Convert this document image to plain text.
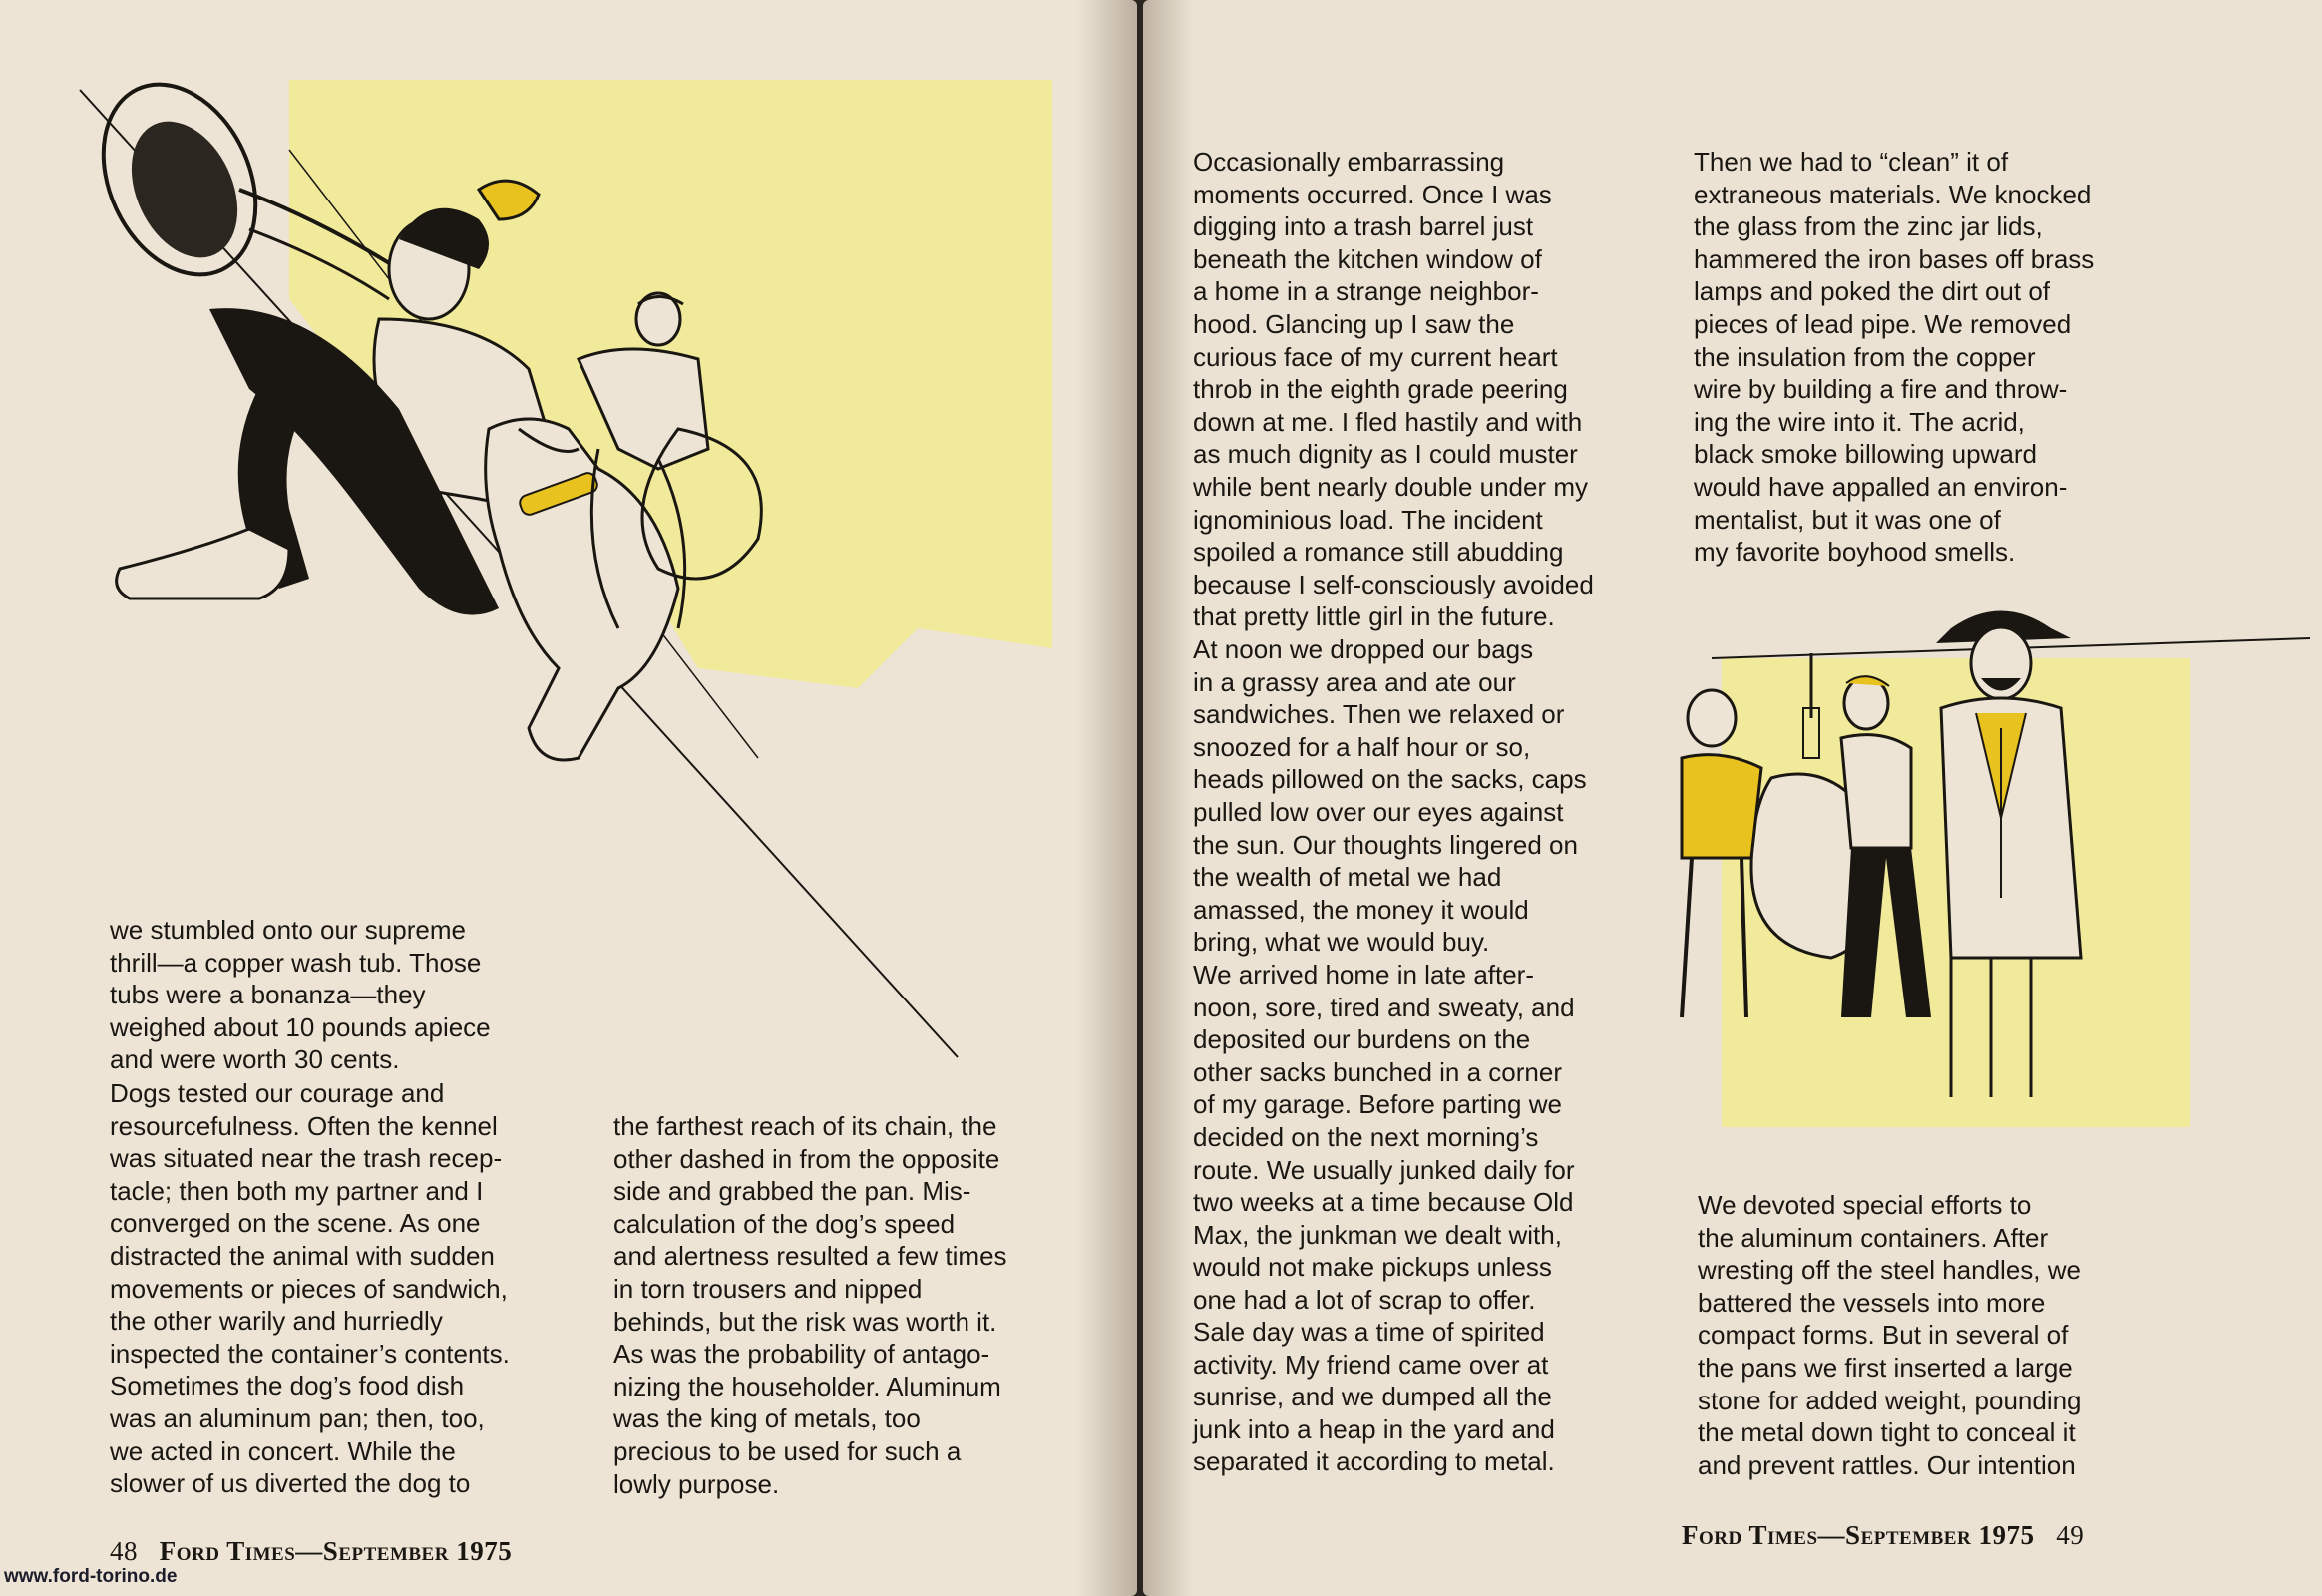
we stumbled onto our supreme
thrill—a copper wash tub. Those
tubs were a bonanza—they
weighed about 10 pounds apiece
and were worth 30 cents.
Dogs tested our courage and
resourcefulness. Often the kennel
was situated near the trash recep-
tacle; then both my partner and I
converged on the scene. As one
distracted the animal with sudden
movements or pieces of sandwich,
the other warily and hurriedly
inspected the container’s contents.
Sometimes the dog’s food dish
was an aluminum pan; then, too,
we acted in concert. While the
slower of us diverted the dog to
the farthest reach of its chain, the
other dashed in from the opposite
side and grabbed the pan. Mis-
calculation of the dog’s speed
and alertness resulted a few times
in torn trousers and nipped
behinds, but the risk was worth it.
As was the probability of antago-
nizing the householder. Aluminum
was the king of metals, too
precious to be used for such a
lowly purpose.
48 Ford Times—September 1975
www.ford-torino.de
Occasionally embarrassing
moments occurred. Once I was
digging into a trash barrel just
beneath the kitchen window of
a home in a strange neighbor-
hood. Glancing up I saw the
curious face of my current heart
throb in the eighth grade peering
down at me. I fled hastily and with
as much dignity as I could muster
while bent nearly double under my
ignominious load. The incident
spoiled a romance still abudding
because I self-consciously avoided
that pretty little girl in the future.
At noon we dropped our bags
in a grassy area and ate our
sandwiches. Then we relaxed or
snoozed for a half hour or so,
heads pillowed on the sacks, caps
pulled low over our eyes against
the sun. Our thoughts lingered on
the wealth of metal we had
amassed, the money it would
bring, what we would buy.
We arrived home in late after-
noon, sore, tired and sweaty, and
deposited our burdens on the
other sacks bunched in a corner
of my garage. Before parting we
decided on the next morning’s
route. We usually junked daily for
two weeks at a time because Old
Max, the junkman we dealt with,
would not make pickups unless
one had a lot of scrap to offer.
Sale day was a time of spirited
activity. My friend came over at
sunrise, and we dumped all the
junk into a heap in the yard and
separated it according to metal.
Then we had to “clean” it of
extraneous materials. We knocked
the glass from the zinc jar lids,
hammered the iron bases off brass
lamps and poked the dirt out of
pieces of lead pipe. We removed
the insulation from the copper
wire by building a fire and throw-
ing the wire into it. The acrid,
black smoke billowing upward
would have appalled an environ-
mentalist, but it was one of
my favorite boyhood smells.
We devoted special efforts to
the aluminum containers. After
wresting off the steel handles, we
battered the vessels into more
compact forms. But in several of
the pans we first inserted a large
stone for added weight, pounding
the metal down tight to conceal it
and prevent rattles. Our intention
Ford Times—September 1975 49
